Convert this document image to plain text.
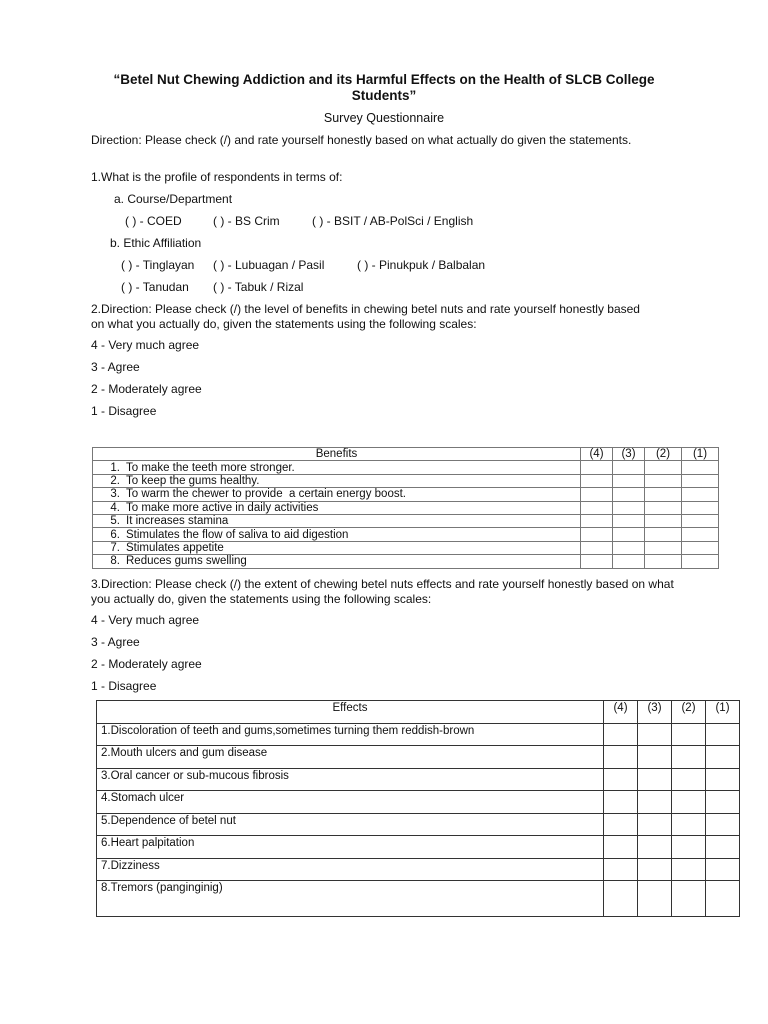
“Betel Nut Chewing Addiction and its Harmful Effects on the Health of SLCB College Students”
Survey Questionnaire
Direction: Please check (/) and rate yourself honestly based on what actually do given the statements.
1.What is the profile of respondents in terms of:
a. Course/Department
( ) - COED	( ) - BS Crim	( ) - BSIT / AB-PolSci / English
b. Ethic Affiliation
( ) - Tinglayan ( ) - Lubuagan / Pasil	( ) - Pinukpuk / Balbalan
( ) - Tanudan ( ) - Tabuk / Rizal
2.Direction: Please check (/) the level of benefits in chewing betel nuts and rate yourself honestly based on what you actually do, given the statements using the following scales:
4 - Very much agree
3 - Agree
2 - Moderately agree
1 - Disagree
Benefits	(4)	(3)	(2)	(1)
1. To make the teeth more stronger.				
2. To keep the gums healthy.				
3. To warm the chewer to provide  a certain energy boost.				
4. To make more active in daily activities				
5. It increases stamina				
6. Stimulates the flow of saliva to aid digestion				
7. Stimulates appetite				
8. Reduces gums swelling				
3.Direction: Please check (/) the extent of chewing betel nuts effects and rate yourself honestly based on what you actually do, given the statements using the following scales:
4 - Very much agree
3 - Agree
2 - Moderately agree
1 - Disagree
Effects	(4)	(3)	(2)	(1)
1.Discoloration of teeth and gums,sometimes turning them reddish-brown				
2.Mouth ulcers and gum disease				
3.Oral cancer or sub-mucous fibrosis				
4.Stomach ulcer				
5.Dependence of betel nut				
6.Heart palpitation				
7.Dizziness				
8.Tremors (panginginig)				
